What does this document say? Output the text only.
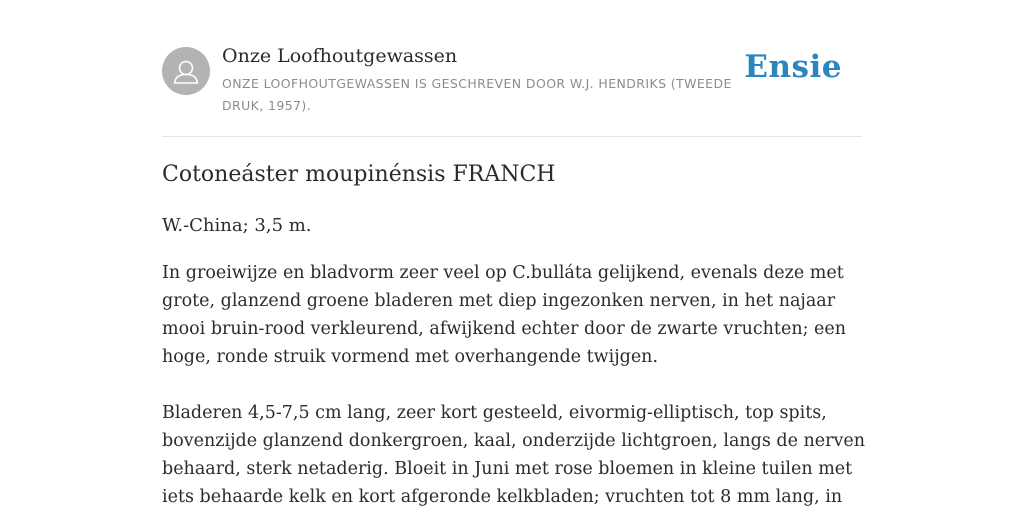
Onze Loofhoutgewassen
ONZE LOOFHOUTGEWASSEN IS GESCHREVEN DOOR W.J. HENDRIKS (TWEEDE DRUK, 1957).
Ensie
Cotoneáster moupinénsis FRANCH

W.-China; 3,5 m.

In groeiwijze en bladvorm zeer veel op C.bulláta gelijkend, evenals deze met grote, glanzend groene bladeren met diep ingezonken nerven, in het najaar mooi bruin-rood verkleurend, afwijkend echter door de zwarte vruchten; een hoge, ronde struik vormend met overhangende twijgen.

Bladeren 4,5-7,5 cm lang, zeer kort gesteeld, eivormig-elliptisch, top spits, bovenzijde glanzend donkergroen, kaal, onderzijde lichtgroen, langs de nerven behaard, sterk netaderig. Bloeit in Juni met rose bloemen in kleine tuilen met iets behaarde kelk en kort afgeronde kelkbladen; vruchten tot 8 mm lang, in
